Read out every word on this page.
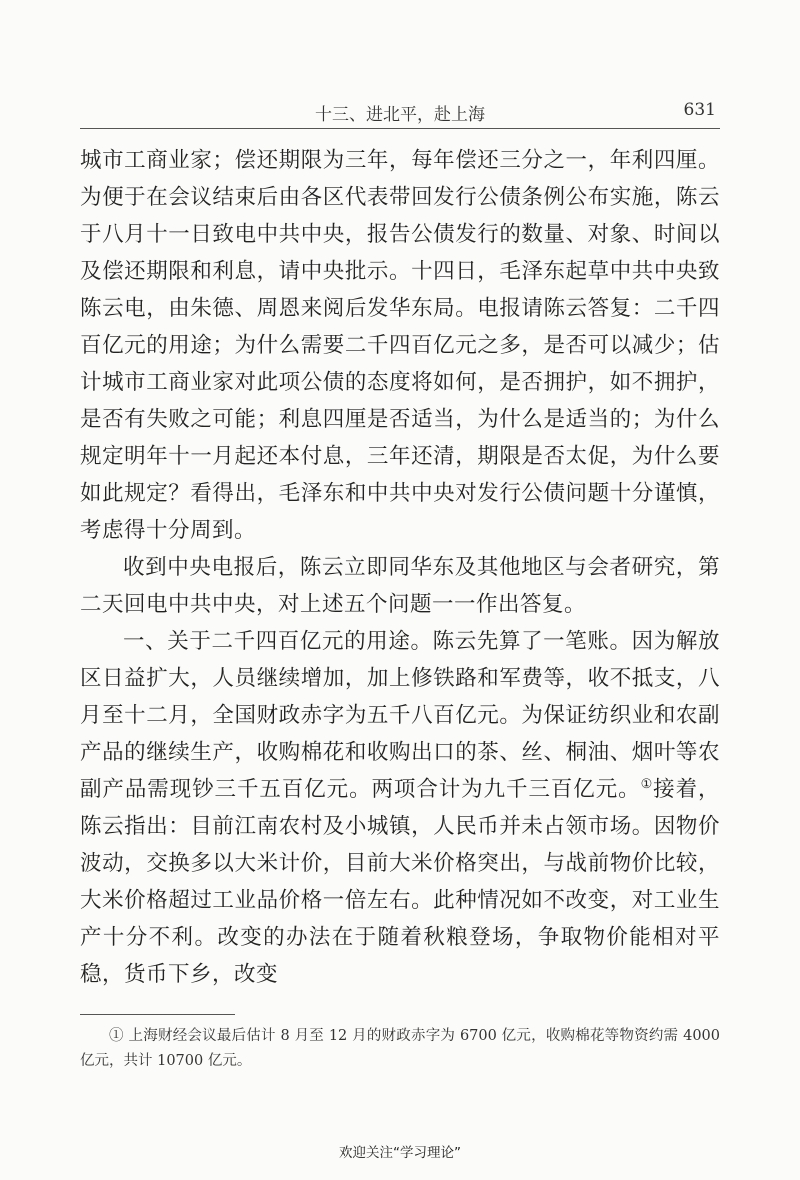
十三、进北平，赴上海	631

城市工商业家；偿还期限为三年，每年偿还三分之一，年利四厘。为便于在会议结束后由各区代表带回发行公债条例公布实施，陈云于八月十一日致电中共中央，报告公债发行的数量、对象、时间以及偿还期限和利息，请中央批示。十四日，毛泽东起草中共中央致陈云电，由朱德、周恩来阅后发华东局。电报请陈云答复：二千四百亿元的用途；为什么需要二千四百亿元之多，是否可以减少；估计城市工商业家对此项公债的态度将如何，是否拥护，如不拥护，是否有失败之可能；利息四厘是否适当，为什么是适当的；为什么规定明年十一月起还本付息，三年还清，期限是否太促，为什么要如此规定？看得出，毛泽东和中共中央对发行公债问题十分谨慎，考虑得十分周到。

收到中央电报后，陈云立即同华东及其他地区与会者研究，第二天回电中共中央，对上述五个问题一一作出答复。

一、关于二千四百亿元的用途。陈云先算了一笔账。因为解放区日益扩大，人员继续增加，加上修铁路和军费等，收不抵支，八月至十二月，全国财政赤字为五千八百亿元。为保证纺织业和农副产品的继续生产，收购棉花和收购出口的茶、丝、桐油、烟叶等农副产品需现钞三千五百亿元。两项合计为九千三百亿元。①接着，陈云指出：目前江南农村及小城镇，人民币并未占领市场。因物价波动，交换多以大米计价，目前大米价格突出，与战前物价比较，大米价格超过工业品价格一倍左右。此种情况如不改变，对工业生产十分不利。改变的办法在于随着秋粮登场，争取物价能相对平稳，货币下乡，改变

① 上海财经会议最后估计 8 月至 12 月的财政赤字为 6700 亿元，收购棉花等物资约需 4000 亿元，共计 10700 亿元。
欢迎关注“学习理论”
